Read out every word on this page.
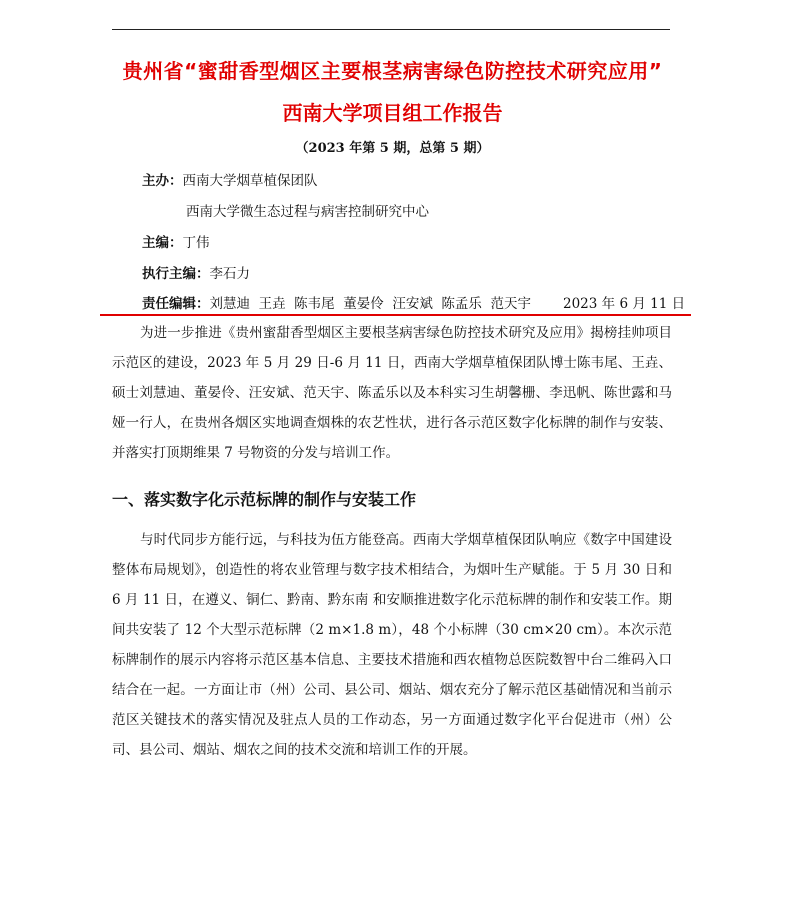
贵州省“蜜甜香型烟区主要根茎病害绿色防控技术研究应用”
西南大学项目组工作报告
（2023 年第 5 期，总第 5 期）
主办：西南大学烟草植保团队
西南大学微生态过程与病害控制研究中心
主编：丁伟
执行主编：李石力
责任编辑：刘慧迪  王垚  陈韦尾  董晏伶  汪安斌  陈孟乐  范天宇 2023 年 6 月 11 日

为进一步推进《贵州蜜甜香型烟区主要根茎病害绿色防控技术研究及应用》揭榜挂帅项目示范区的建设，2023 年 5 月 29 日-6 月 11 日，西南大学烟草植保团队博士陈韦尾、王垚、硕士刘慧迪、董晏伶、汪安斌、范天宇、陈孟乐以及本科实习生胡馨栅、李迅帆、陈世露和马娅一行人，在贵州各烟区实地调查烟株的农艺性状，进行各示范区数字化标牌的制作与安装、并落实打顶期维果 7 号物资的分发与培训工作。

一、落实数字化示范标牌的制作与安装工作

与时代同步方能行远，与科技为伍方能登高。西南大学烟草植保团队响应《数字中国建设整体布局规划》，创造性的将农业管理与数字技术相结合，为烟叶生产赋能。于 5 月 30 日和 6 月 11 日，在遵义、铜仁、黔南、黔东南 和安顺推进数字化示范标牌的制作和安装工作。期间共安装了 12 个大型示范标牌（2 m×1.8 m），48 个小标牌（30 cm×20 cm）。本次示范标牌制作的展示内容将示范区基本信息、主要技术措施和西农植物总医院数智中台二维码入口结合在一起。一方面让市（州）公司、县公司、烟站、烟农充分了解示范区基础情况和当前示范区关键技术的落实情况及驻点人员的工作动态，另一方面通过数字化平台促进市（州）公司、县公司、烟站、烟农之间的技术交流和培训工作的开展。
